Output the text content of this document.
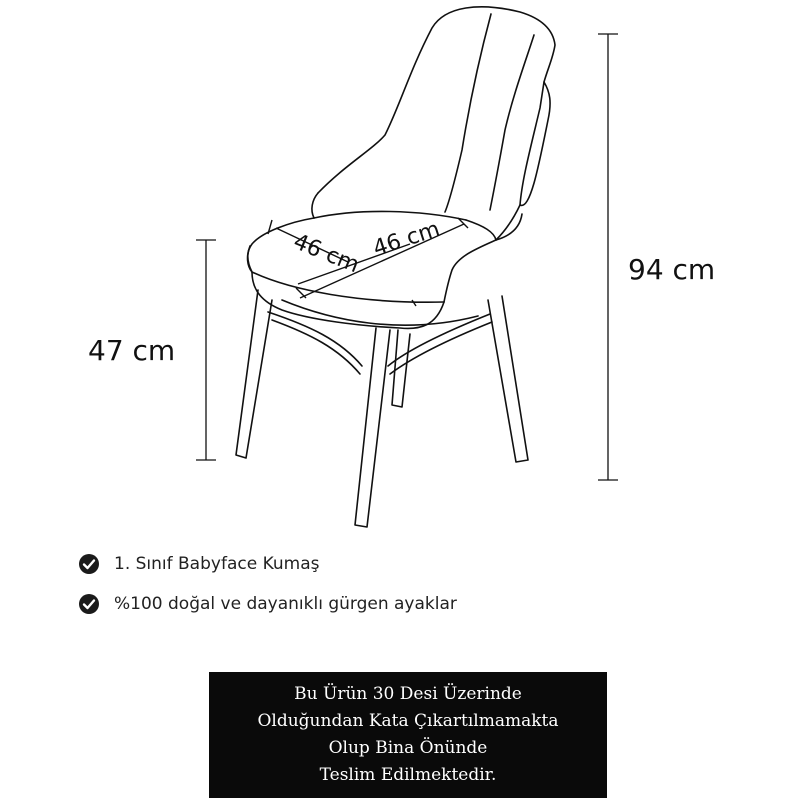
46 cm 46 cm
47 cm
94 cm
1. Sınıf Babyface Kumaş
%100 doğal ve dayanıklı gürgen ayaklar
Bu Ürün 30 Desi Üzerinde
Olduğundan Kata Çıkartılmamakta
Olup Bina Önünde
Teslim Edilmektedir.
